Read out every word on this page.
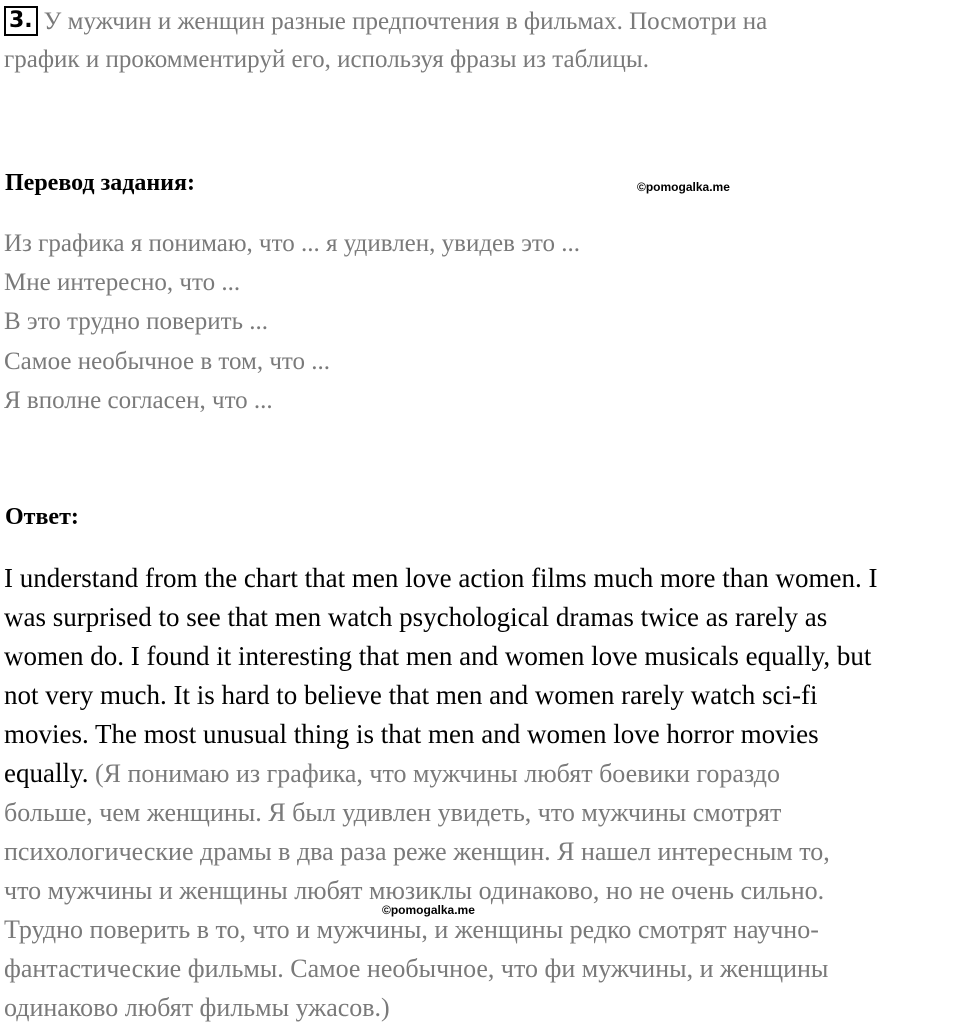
3. У мужчин и женщин разные предпочтения в фильмах. Посмотри на
график и прокомментируй его, используя фразы из таблицы.
Перевод задания:	©pomogalka.me
Из графика я понимаю, что ... я удивлен, увидев это ...
Мне интересно, что ...
В это трудно поверить ...
Самое необычное в том, что ...
Я вполне согласен, что ...
Ответ:
I understand from the chart that men love action films much more than women. I
was surprised to see that men watch psychological dramas twice as rarely as
women do. I found it interesting that men and women love musicals equally, but
not very much. It is hard to believe that men and women rarely watch sci-fi
movies. The most unusual thing is that men and women love horror movies
equally. (Я понимаю из графика, что мужчины любят боевики гораздо
больше, чем женщины. Я был удивлен увидеть, что мужчины смотрят
психологические драмы в два раза реже женщин. Я нашел интересным то,
что мужчины и женщины любят мюзиклы одинаково, но не очень сильно.
Трудно поверить в то, что и мужчины, и женщины редко смотрят научно-
фантастические фильмы. Самое необычное, что фи мужчины, и женщины
одинаково любят фильмы ужасов.)
©pomogalka.me
